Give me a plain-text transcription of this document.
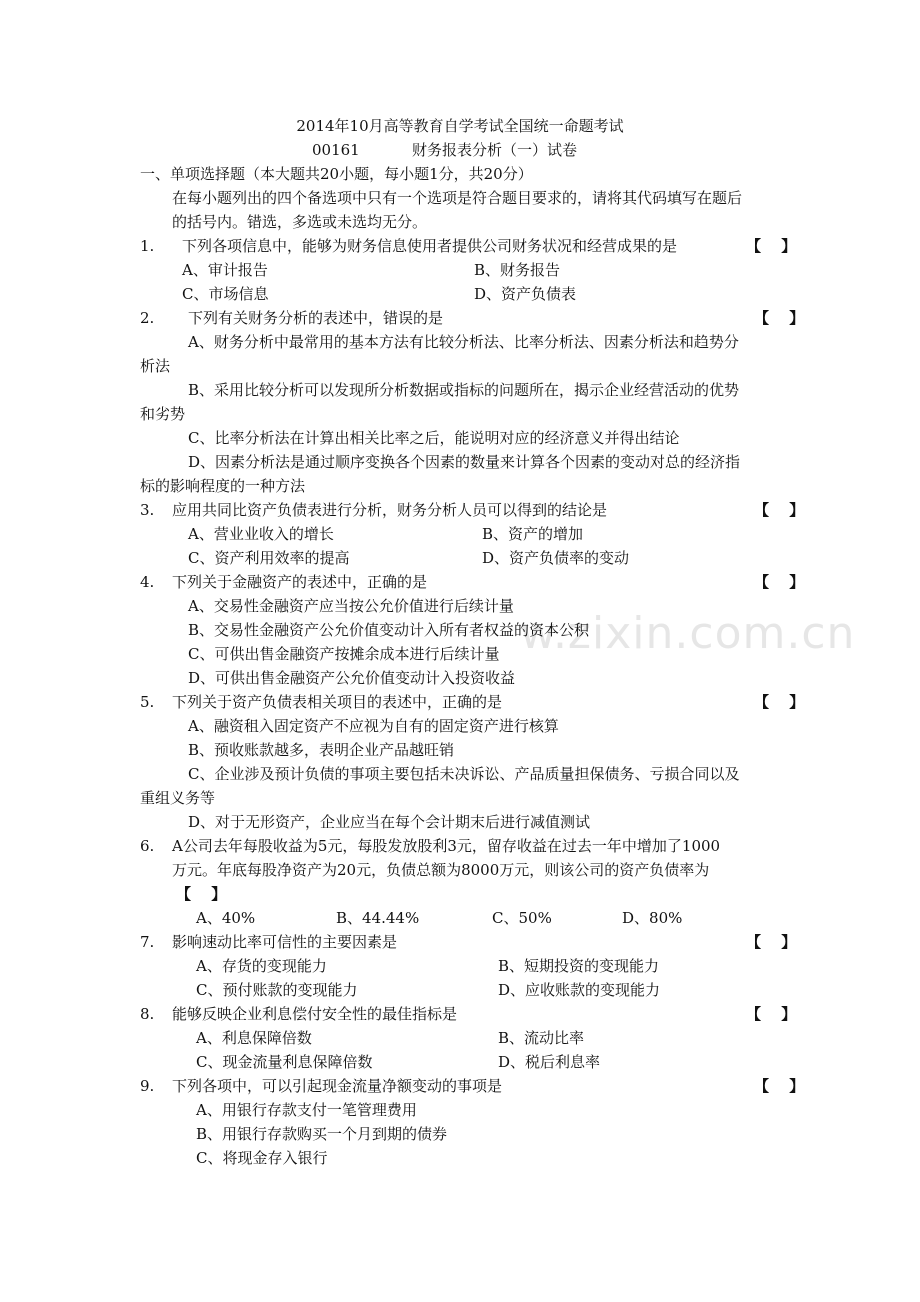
w.zixin.com.cn
2014年10月高等教育自学考试全国统一命题考试
00161	财务报表分析（一）试卷
一、单项选择题（本大题共20小题，每小题1分，共20分）
在每小题列出的四个备选项中只有一个选项是符合题目要求的，请将其代码填写在题后
的括号内。错选，多选或未选均无分。
1. 下列各项信息中，能够为财务信息使用者提供公司财务状况和经营成果的是	【　 】
A、审计报告	B、财务报告
C、市场信息	D、资产负债表
2. 下列有关财务分析的表述中，错误的是	【　 】
A、财务分析中最常用的基本方法有比较分析法、比率分析法、因素分析法和趋势分
析法
B、采用比较分析可以发现所分析数据或指标的问题所在，揭示企业经营活动的优势
和劣势
C、比率分析法在计算出相关比率之后，能说明对应的经济意义并得出结论
D、因素分析法是通过顺序变换各个因素的数量来计算各个因素的变动对总的经济指
标的影响程度的一种方法
3. 应用共同比资产负债表进行分析，财务分析人员可以得到的结论是	【　 】
A、营业业收入的增长	B、资产的增加
C、资产利用效率的提高	D、资产负债率的变动
4. 下列关于金融资产的表述中，正确的是	【　 】
A、交易性金融资产应当按公允价值进行后续计量
B、交易性金融资产公允价值变动计入所有者权益的资本公积
C、可供出售金融资产按摊余成本进行后续计量
D、可供出售金融资产公允价值变动计入投资收益
5. 下列关于资产负债表相关项目的表述中，正确的是	【　 】
A、融资租入固定资产不应视为自有的固定资产进行核算
B、预收账款越多，表明企业产品越旺销
C、企业涉及预计负债的事项主要包括未决诉讼、产品质量担保债务、亏损合同以及
重组义务等
D、对于无形资产，企业应当在每个会计期末后进行减值测试
6. A公司去年每股收益为5元，每股发放股利3元，留存收益在过去一年中增加了1000
万元。年底每股净资产为20元，负债总额为8000万元，则该公司的资产负债率为
【　 】
A、40%	B、44.44%	C、50%	D、80%
7. 影响速动比率可信性的主要因素是	【　 】
A、存货的变现能力	B、短期投资的变现能力
C、预付账款的变现能力	D、应收账款的变现能力
8. 能够反映企业利息偿付安全性的最佳指标是	【　 】
A、利息保障倍数	B、流动比率
C、现金流量利息保障倍数	D、税后利息率
9. 下列各项中，可以引起现金流量净额变动的事项是	【　 】
A、用银行存款支付一笔管理费用
B、用银行存款购买一个月到期的债券
C、将现金存入银行
